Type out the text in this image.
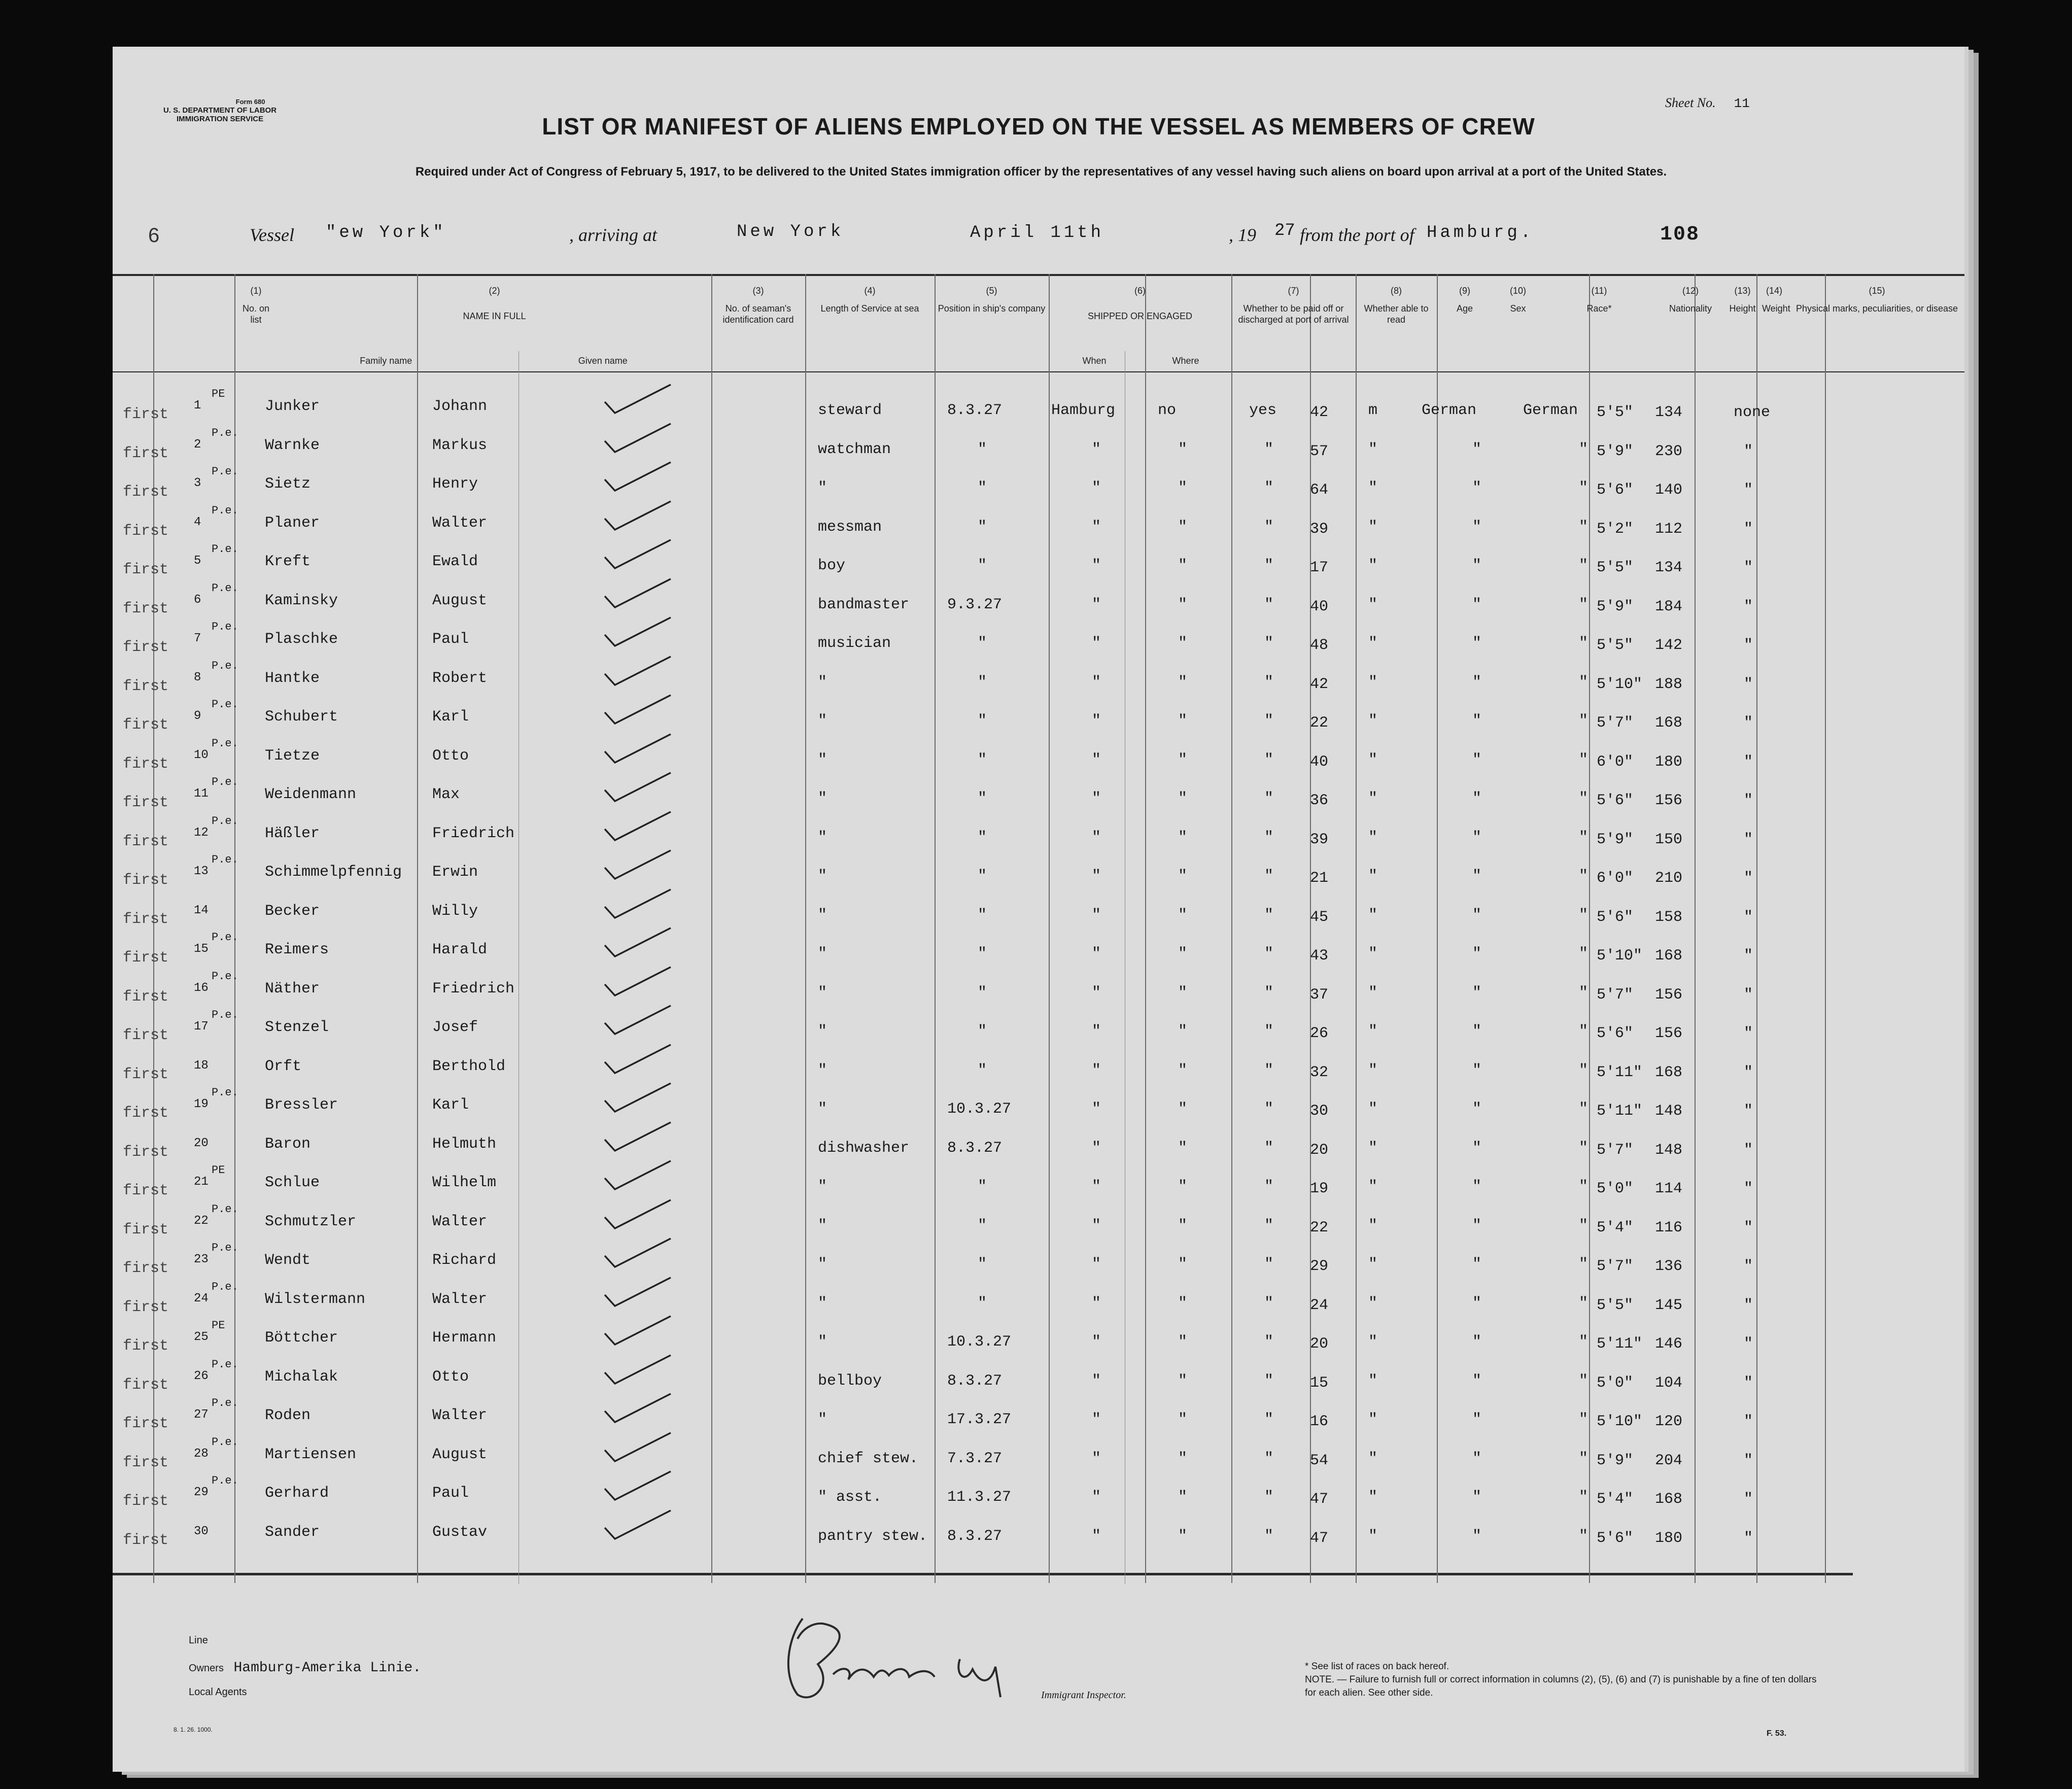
Form 680
U. S. DEPARTMENT OF LABOR
IMMIGRATION SERVICE
Sheet No. 11
LIST OR MANIFEST OF ALIENS EMPLOYED ON THE VESSEL AS MEMBERS OF CREW
Required under Act of Congress of February 5, 1917, to be delivered to the United States immigration officer by the representatives of any vessel having such aliens on board upon arrival at a port of the United States.
6	Vessel "ew York"	, arriving at	New York	April 11th	, 19 27 from the port of Hamburg.	108
(1)
No. on list
(2)
NAME IN FULL
Family name	Given name
(3)
No. of seaman's identification card
(4)
Length of Service at sea
(5)
Position in ship's company
(6)
SHIPPED OR ENGAGED
When	Where
(7)
Whether to be paid off or discharged at port of arrival
(8)
Whether able to read
(9)
Age
(10)
Sex
(11)
Race*
(12)
Nationality
(13)
Height
(14)
Weight
(15)
Physical marks, peculiarities, or disease
first
PE
1	Junker	Johann	steward	8.3.27	Hamburg	no	yes 42	m	German	German 5'5" 134	none
first
P.e.
2	Warnke	Markus	watchman	"	"	"	" 57	"	"	" 5'9" 230	"
first
P.e.
3	Sietz	Henry	"	"	"	"	" 64	"	"	" 5'6" 140	"
first
P.e.
4	Planer	Walter	messman	"	"	"	" 39	"	"	" 5'2" 112	"
first
P.e.
5	Kreft	Ewald	boy	"	"	"	" 17	"	"	" 5'5" 134	"
first
P.e.
6	Kaminsky	August	bandmaster 9.3.27	"	"	" 40	"	"	" 5'9" 184	"
first
P.e.
7	Plaschke	Paul	musician	"	"	"	" 48	"	"	" 5'5" 142	"
first
P.e.
8	Hantke	Robert	"	"	"	"	" 42	"	"	" 5'10" 188	"
first
P.e.
9	Schubert	Karl	"	"	"	"	" 22	"	"	" 5'7" 168	"
first
P.e.
10	Tietze	Otto	"	"	"	"	" 40	"	"	" 6'0" 180	"
first
P.e.
11	Weidenmann	Max	"	"	"	"	" 36	"	"	" 5'6" 156	"
first
P.e.
12	Häßler	Friedrich	"	"	"	"	" 39	"	"	" 5'9" 150	"
first
P.e.
13	Schimmelpfennig Erwin	"	"	"	"	" 21	"	"	" 6'0" 210	"
first
14	Becker	Willy	"	"	"	"	" 45	"	"	" 5'6" 158	"
first
P.e.
15	Reimers	Harald	"	"	"	"	" 43	"	"	" 5'10" 168	"
first
P.e.
16	Näther	Friedrich	"	"	"	"	" 37	"	"	" 5'7" 156	"
first
P.e.
17	Stenzel	Josef	"	"	"	"	" 26	"	"	" 5'6" 156	"
first
18	Orft	Berthold	"	"	"	"	" 32	"	"	" 5'11" 168	"
first
P.e.
19	Bressler	Karl	"	10.3.27	"	"	" 30	"	"	" 5'11" 148	"
first
20	Baron	Helmuth	dishwasher 8.3.27	"	"	" 20	"	"	" 5'7" 148	"
first
PE
21	Schlue	Wilhelm	"	"	"	"	" 19	"	"	" 5'0" 114	"
first
P.e.
22	Schmutzler	Walter	"	"	"	"	" 22	"	"	" 5'4" 116	"
first
P.e.
23	Wendt	Richard	"	"	"	"	" 29	"	"	" 5'7" 136	"
first
P.e.
24	Wilstermann	Walter	"	"	"	"	" 24	"	"	" 5'5" 145	"
first
PE
25	Böttcher	Hermann	"	10.3.27	"	"	" 20	"	"	" 5'11" 146	"
first
P.e.
26	Michalak	Otto	bellboy	8.3.27	"	"	" 15	"	"	" 5'0" 104	"
first
P.e.
27	Roden	Walter	"	17.3.27	"	"	" 16	"	"	" 5'10" 120	"
first
P.e.
28	Martiensen	August	chief stew. 7.3.27	"	"	" 54	"	"	" 5'9" 204	"
first
P.e.
29	Gerhard	Paul	" asst.	11.3.27	"	"	" 47	"	"	" 5'4" 168	"
first
30	Sander	Gustav	pantry stew. 8.3.27	"	"	" 47	"	"	" 5'6" 180	"
Line
Owners Hamburg-Amerika Linie.
Local Agents	Immigrant Inspector.
* See list of races on back hereof.
NOTE. — Failure to furnish full or correct information in columns (2), (5), (6) and (7) is punishable by a fine of ten dollars for each alien. See other side.
F. 53.
8. 1. 26. 1000.
